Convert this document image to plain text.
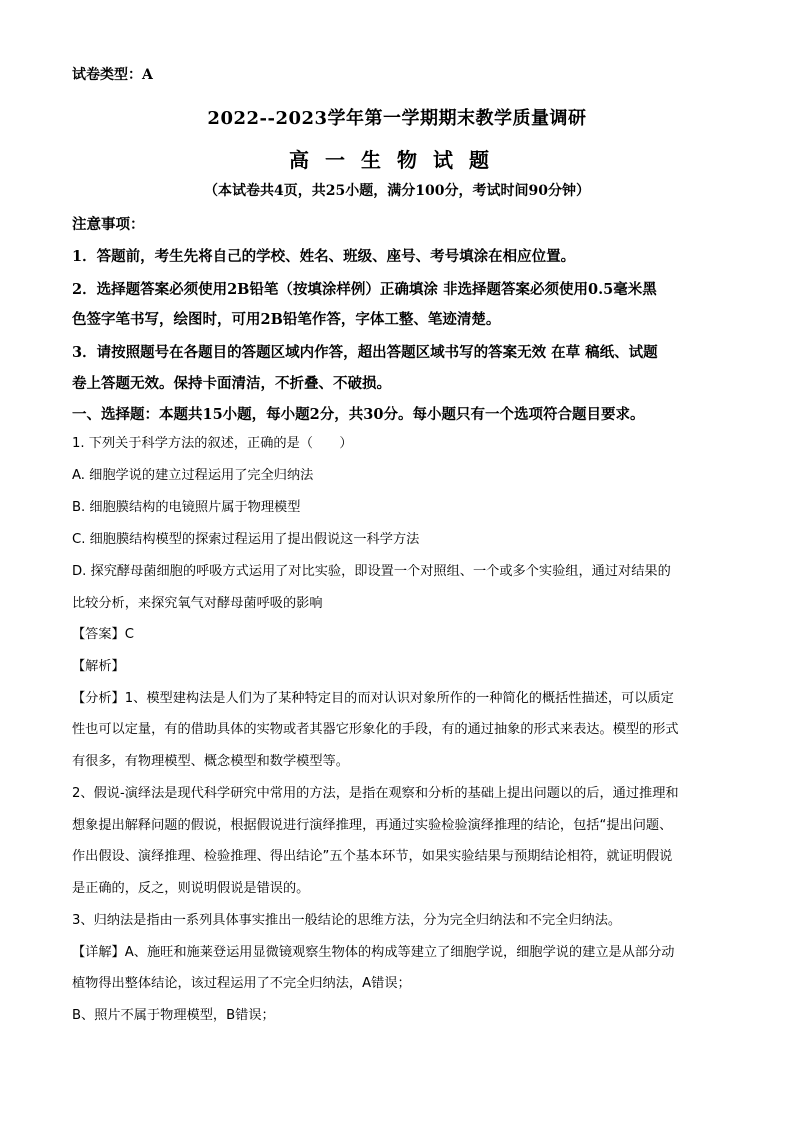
试卷类型：A
2022--2023学年第一学期期末教学质量调研
高一生物试题
（本试卷共4页，共25小题，满分100分，考试时间90分钟）
注意事项：
1．答题前，考生先将自己的学校、姓名、班级、座号、考号填涂在相应位置。
2．选择题答案必须使用2B铅笔（按填涂样例）正确填涂 非选择题答案必须使用0.5毫米黑
色签字笔书写，绘图时，可用2B铅笔作答，字体工整、笔迹清楚。
3．请按照题号在各题目的答题区域内作答，超出答题区域书写的答案无效 在草 稿纸、试题
卷上答题无效。保持卡面清洁，不折叠、不破损。
一、选择题：本题共15小题，每小题2分，共30分。每小题只有一个选项符合题目要求。
1. 下列关于科学方法的叙述，正确的是（　　）
A. 细胞学说的建立过程运用了完全归纳法
B. 细胞膜结构的电镜照片属于物理模型
C. 细胞膜结构模型的探索过程运用了提出假说这一科学方法
D. 探究酵母菌细胞的呼吸方式运用了对比实验，即设置一个对照组、一个或多个实验组，通过对结果的
比较分析，来探究氧气对酵母菌呼吸的影响
【答案】C
【解析】
【分析】1、模型建构法是人们为了某种特定目的而对认识对象所作的一种简化的概括性描述，可以质定
性也可以定量，有的借助具体的实物或者其器它形象化的手段，有的通过抽象的形式来表达。模型的形式
有很多，有物理模型、概念模型和数学模型等。
2、假说-演绎法是现代科学研究中常用的方法，是指在观察和分析的基础上提出问题以的后，通过推理和
想象提出解释问题的假说，根据假说进行演绎推理，再通过实验检验演绎推理的结论，包括“提出问题、
作出假设、演绎推理、检验推理、得出结论”五个基本环节，如果实验结果与预期结论相符，就证明假说
是正确的，反之，则说明假说是错误的。
3、归纳法是指由一系列具体事实推出一般结论的思维方法，分为完全归纳法和不完全归纳法。
【详解】A、施旺和施莱登运用显微镜观察生物体的构成等建立了细胞学说，细胞学说的建立是从部分动
植物得出整体结论，该过程运用了不完全归纳法，A错误；
B、照片不属于物理模型，B错误；
